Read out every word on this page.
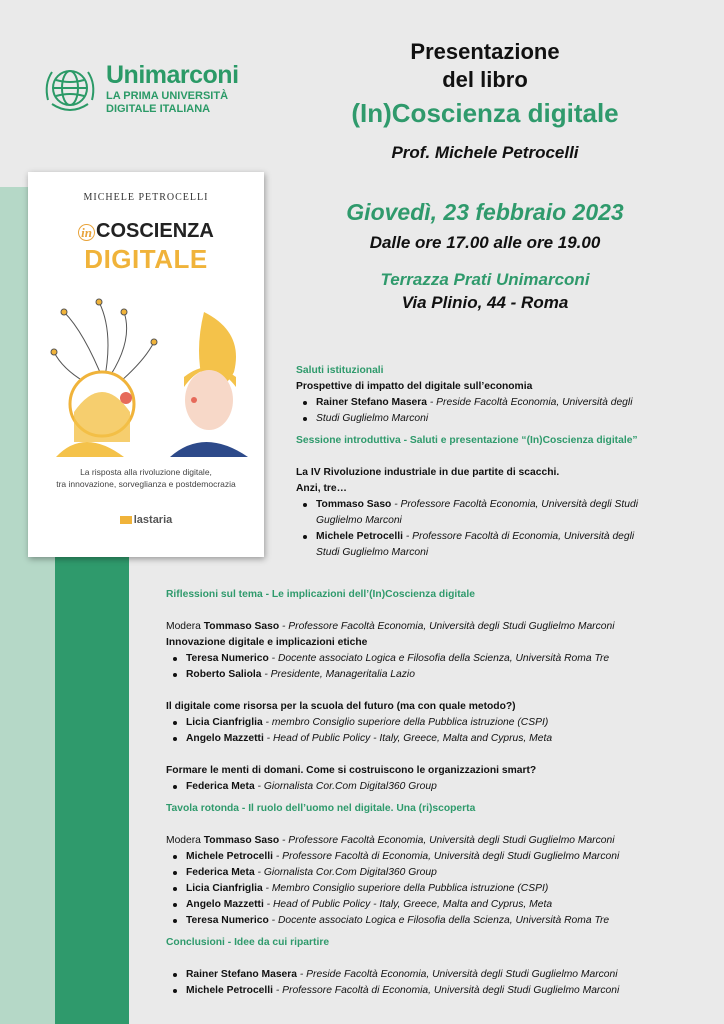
Unimarconi
LA PRIMA UNIVERSITÀ
DIGITALE ITALIANA
Presentazione
del libro
(In)Coscienza digitale
Prof. Michele Petrocelli
Giovedì, 23 febbraio 2023
Dalle ore 17.00 alle ore 19.00
Terrazza Prati Unimarconi
Via Plinio, 44 - Roma
MICHELE PETROCELLI
in COSCIENZA
DIGITALE
La risposta alla rivoluzione digitale,
tra innovazione, sorveglianza e postdemocrazia
lastaria
Saluti istituzionali
Prospettive di impatto del digitale sull’economia
Rainer Stefano Masera - Preside Facoltà Economia, Università degli
Studi Guglielmo Marconi
Sessione introduttiva - Saluti e presentazione “(In)Coscienza digitale”
La IV Rivoluzione industriale in due partite di scacchi.
Anzi, tre…
Tommaso Saso - Professore Facoltà Economia, Università degli Studi
Guglielmo Marconi
Michele Petrocelli - Professore Facoltà di Economia, Università degli
Studi Guglielmo Marconi
Riflessioni sul tema - Le implicazioni dell’(In)Coscienza digitale
Modera Tommaso Saso - Professore Facoltà Economia, Università degli Studi Guglielmo Marconi
Innovazione digitale e implicazioni etiche
Teresa Numerico - Docente associato Logica e Filosofia della Scienza, Università Roma Tre
Roberto Saliola - Presidente, Manageritalia Lazio
Il digitale come risorsa per la scuola del futuro (ma con quale metodo?)
Licia Cianfriglia - membro Consiglio superiore della Pubblica istruzione (CSPI)
Angelo Mazzetti - Head of Public Policy - Italy, Greece, Malta and Cyprus, Meta
Formare le menti di domani. Come si costruiscono le organizzazioni smart?
Federica Meta - Giornalista Cor.Com Digital360 Group
Tavola rotonda - Il ruolo dell’uomo nel digitale. Una (ri)scoperta
Modera Tommaso Saso - Professore Facoltà Economia, Università degli Studi Guglielmo Marconi
Michele Petrocelli - Professore Facoltà di Economia, Università degli Studi Guglielmo Marconi
Federica Meta - Giornalista Cor.Com Digital360 Group
Licia Cianfriglia - Membro Consiglio superiore della Pubblica istruzione (CSPI)
Angelo Mazzetti - Head of Public Policy - Italy, Greece, Malta and Cyprus, Meta
Teresa Numerico - Docente associato Logica e Filosofia della Scienza, Università Roma Tre
Conclusioni - Idee da cui ripartire
Rainer Stefano Masera - Preside Facoltà Economia, Università degli Studi Guglielmo Marconi
Michele Petrocelli - Professore Facoltà di Economia, Università degli Studi Guglielmo Marconi
